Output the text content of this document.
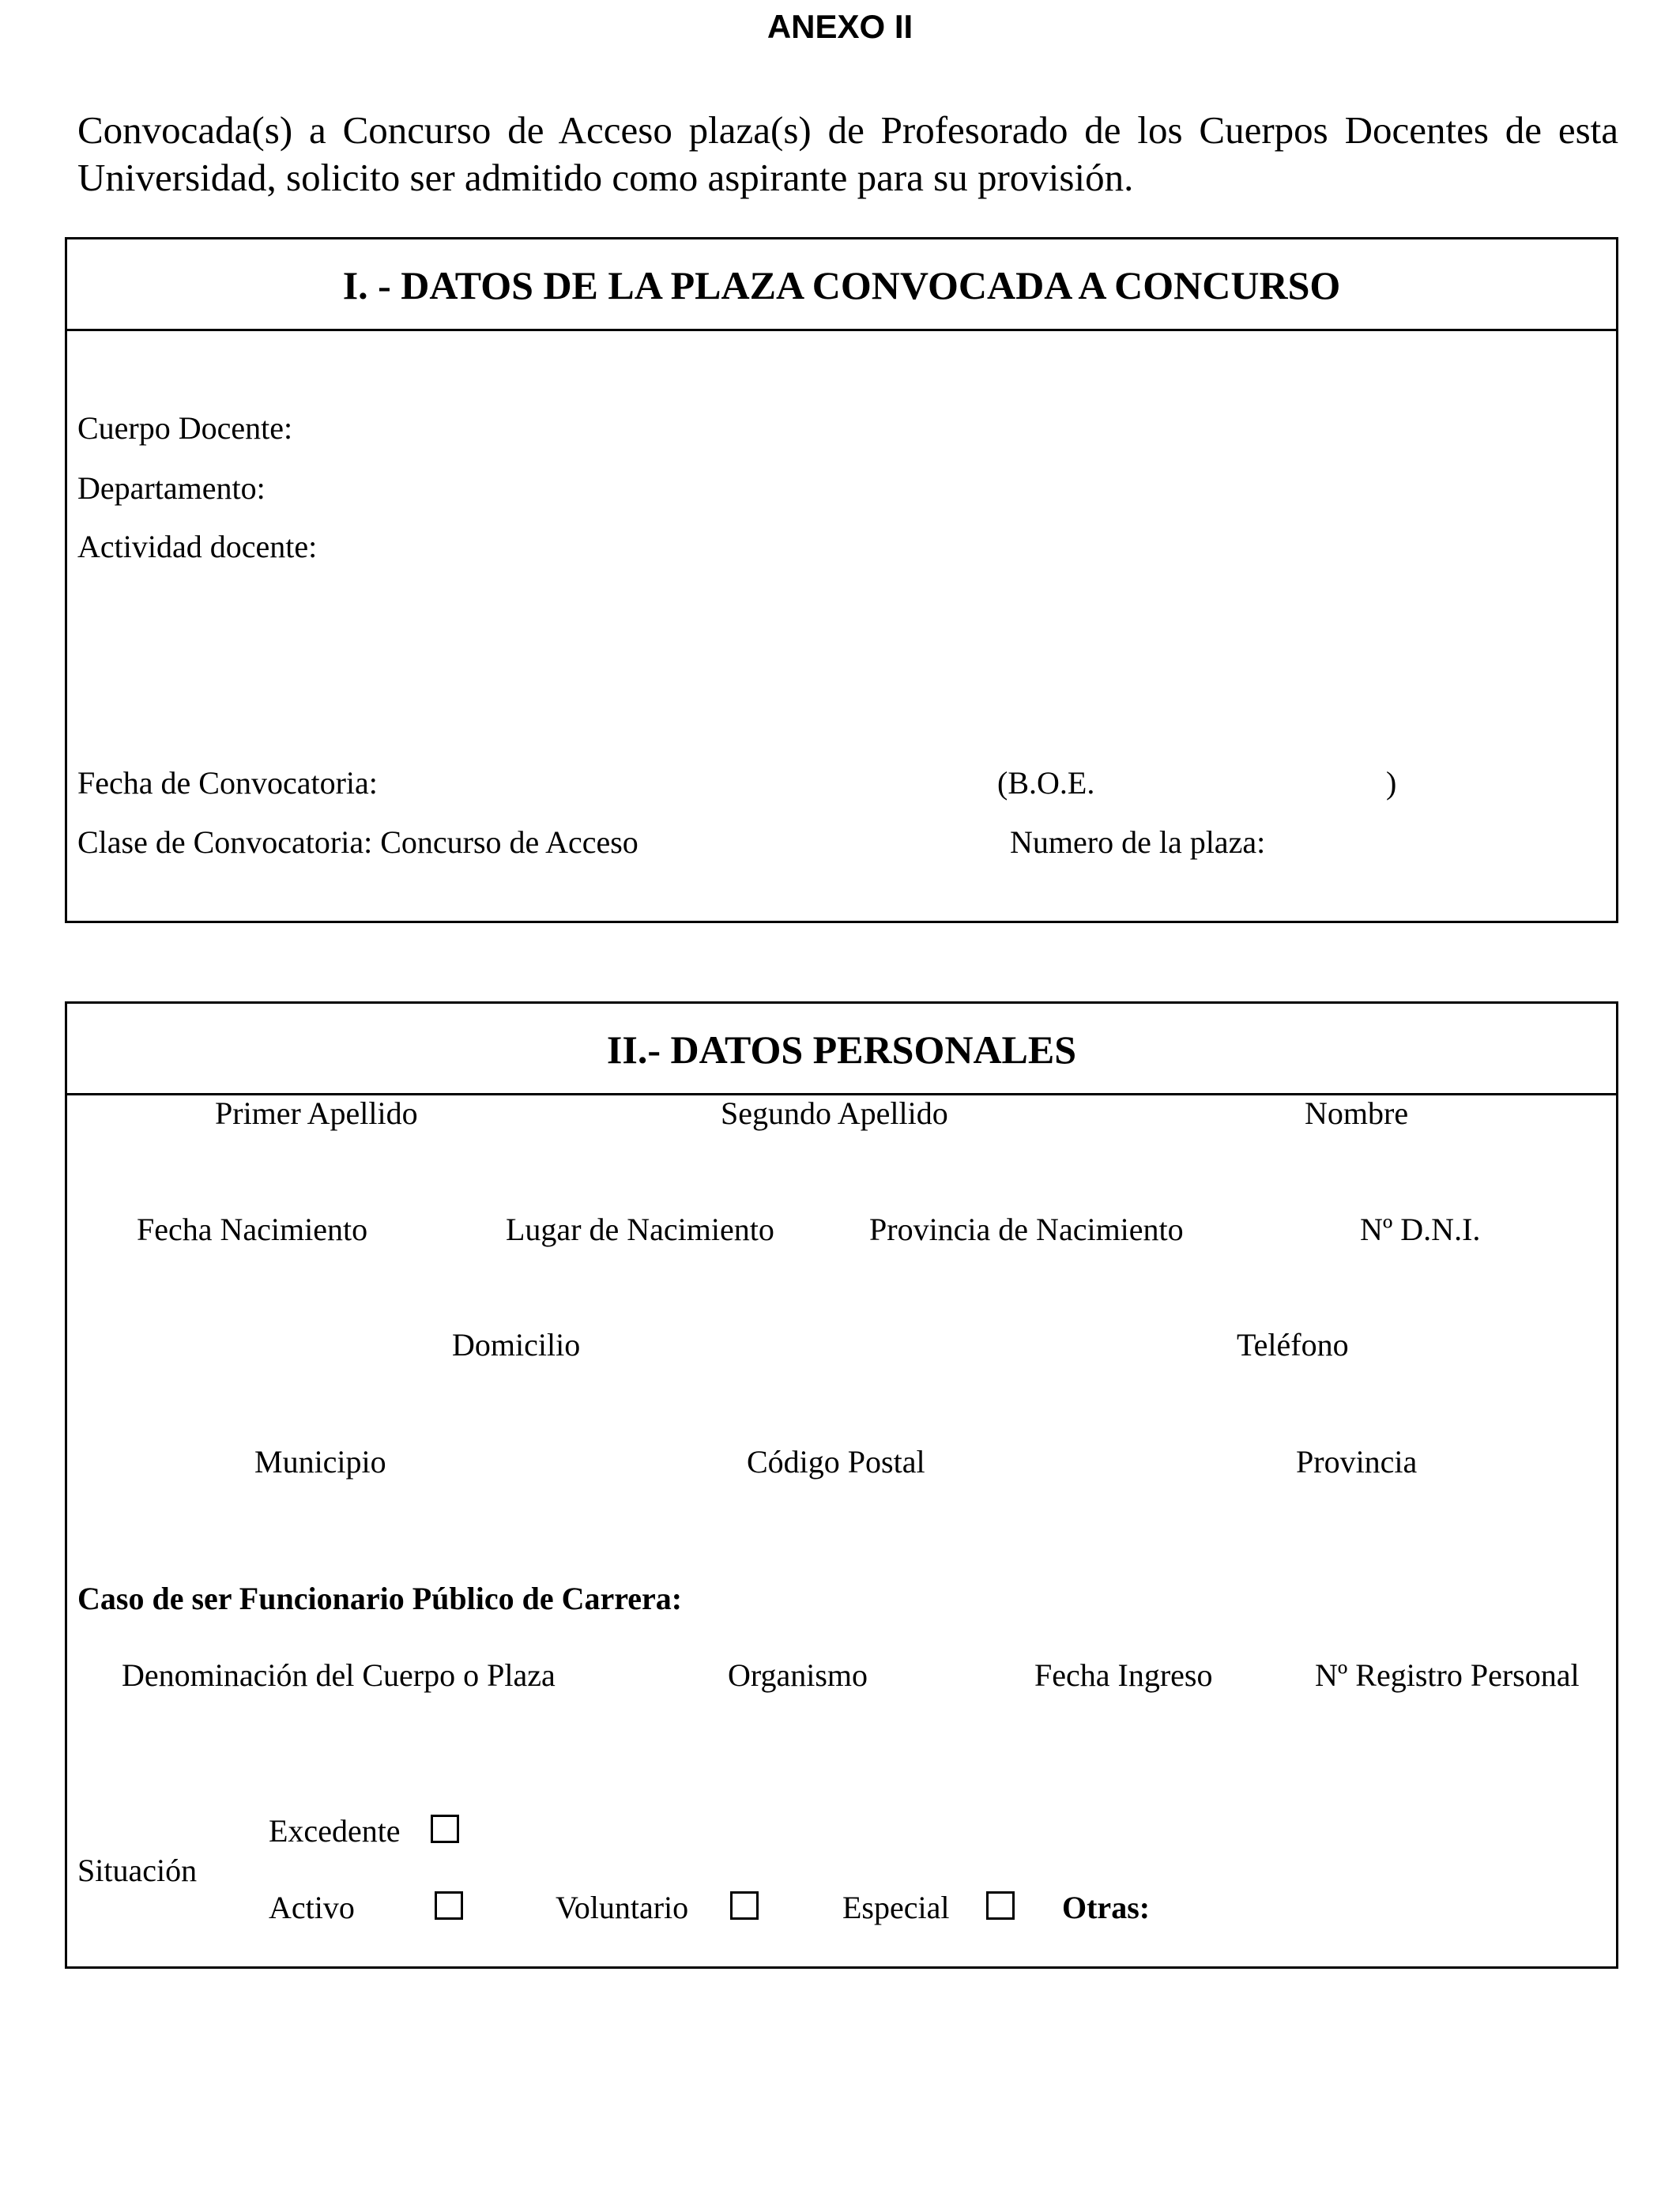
ANEXO II
Convocada(s) a Concurso de Acceso plaza(s) de Profesorado de los Cuerpos Docentes de esta Universidad, solicito ser admitido como aspirante para su provisión.
I. - DATOS DE LA PLAZA CONVOCADA A CONCURSO
Cuerpo Docente:
Departamento:
Actividad docente:
Fecha de Convocatoria:	(B.O.E.	)
Clase de Convocatoria: Concurso de Acceso	Numero de la plaza:
II.- DATOS PERSONALES
Primer Apellido	Segundo Apellido	Nombre
Fecha Nacimiento	Lugar de Nacimiento	Provincia de Nacimiento	Nº D.N.I.
Domicilio	Teléfono
Municipio	Código Postal	Provincia
Caso de ser Funcionario Público de Carrera:
Denominación del Cuerpo o Plaza	Organismo	Fecha Ingreso	Nº Registro Personal
Situación
Excedente
Activo	Voluntario	Especial	Otras:
